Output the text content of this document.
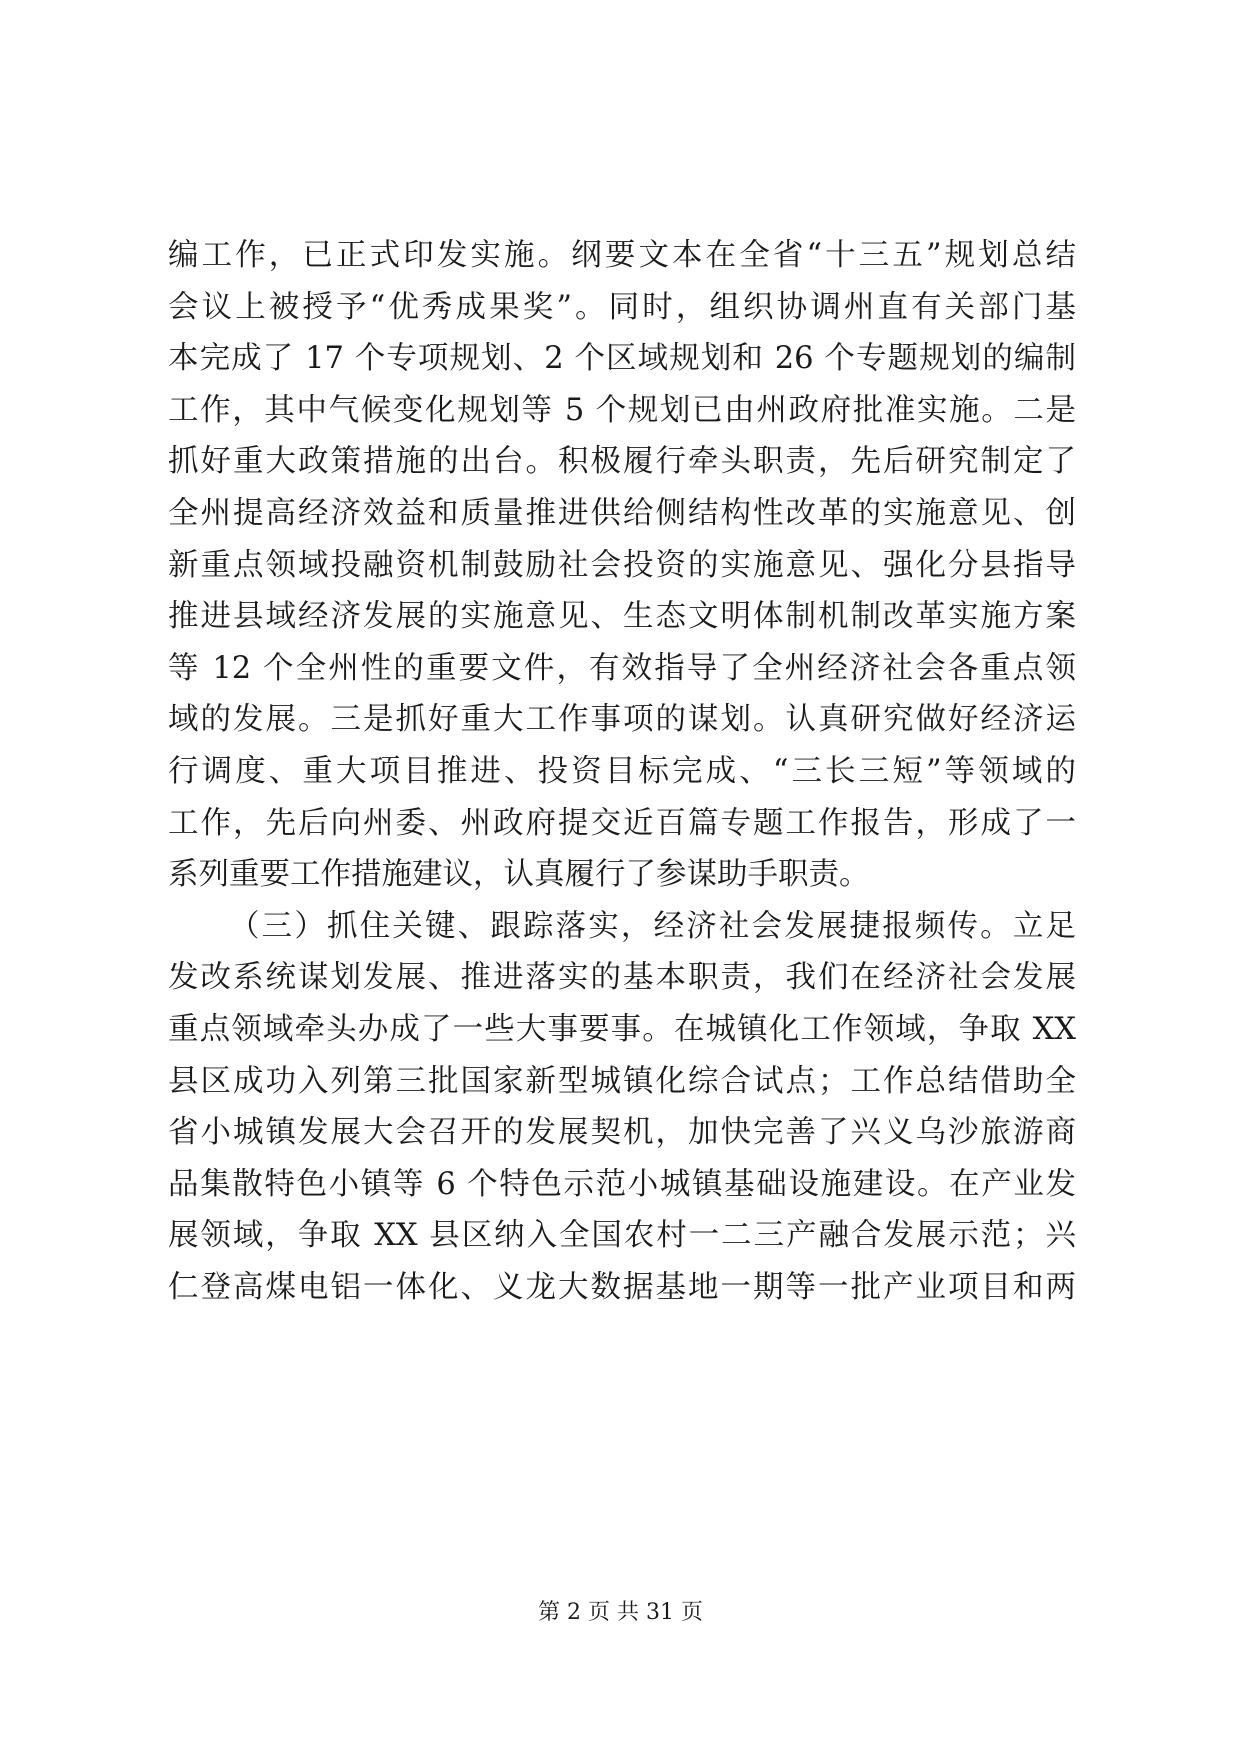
编工作，已正式印发实施。纲要文本在全省“十三五”规划总结
会议上被授予“优秀成果奖”。同时，组织协调州直有关部门基
本完成了 17 个专项规划、2 个区域规划和 26 个专题规划的编制
工作，其中气候变化规划等 5 个规划已由州政府批准实施。二是
抓好重大政策措施的出台。积极履行牵头职责，先后研究制定了
全州提高经济效益和质量推进供给侧结构性改革的实施意见、创
新重点领域投融资机制鼓励社会投资的实施意见、强化分县指导
推进县域经济发展的实施意见、生态文明体制机制改革实施方案
等 12 个全州性的重要文件，有效指导了全州经济社会各重点领
域的发展。三是抓好重大工作事项的谋划。认真研究做好经济运
行调度、重大项目推进、投资目标完成、“三长三短”等领域的
工作，先后向州委、州政府提交近百篇专题工作报告，形成了一
系列重要工作措施建议，认真履行了参谋助手职责。
（三）抓住关键、跟踪落实，经济社会发展捷报频传。立足
发改系统谋划发展、推进落实的基本职责，我们在经济社会发展
重点领域牵头办成了一些大事要事。在城镇化工作领域，争取 XX
县区成功入列第三批国家新型城镇化综合试点；工作总结借助全
省小城镇发展大会召开的发展契机，加快完善了兴义乌沙旅游商
品集散特色小镇等 6 个特色示范小城镇基础设施建设。在产业发
展领域，争取 XX 县区纳入全国农村一二三产融合发展示范；兴
仁登高煤电铝一体化、义龙大数据基地一期等一批产业项目和两
第 2 页 共 31 页
